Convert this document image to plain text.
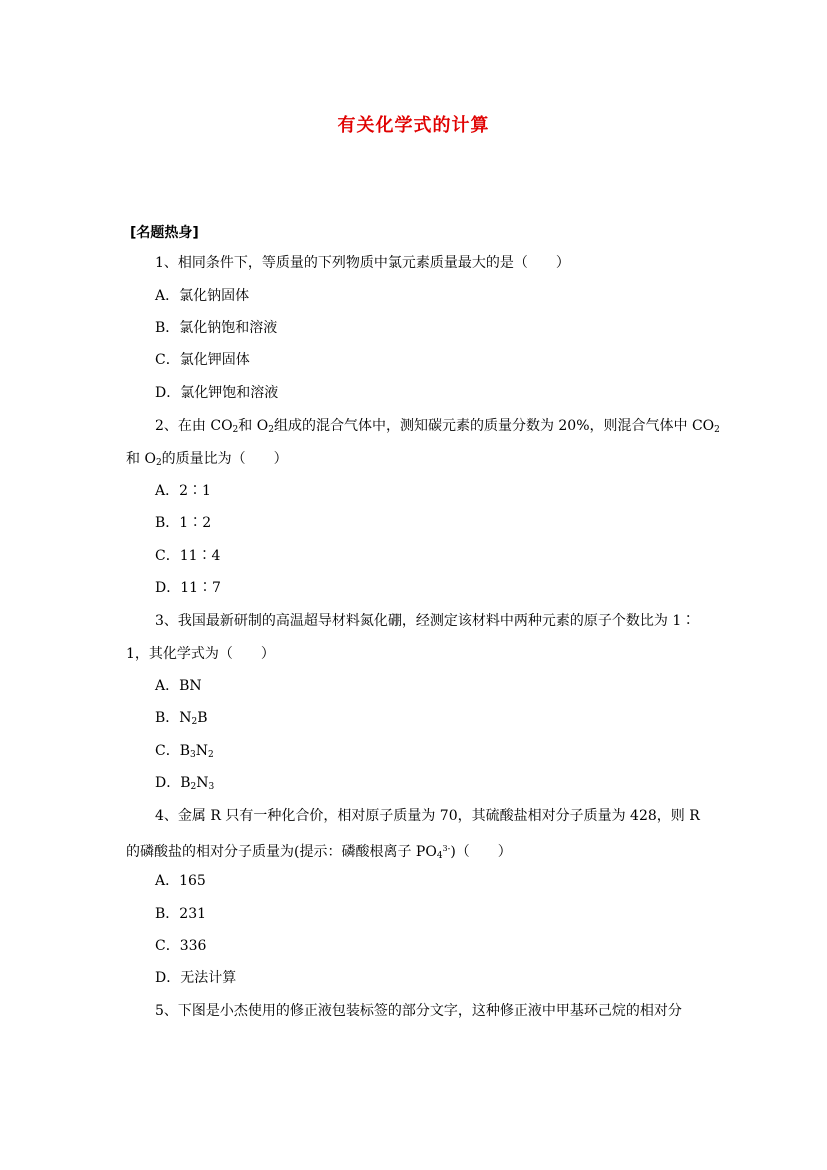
有关化学式的计算
[名题热身]
1、相同条件下，等质量的下列物质中氯元素质量最大的是（　　）
A．氯化钠固体
B．氯化钠饱和溶液
C．氯化钾固体
D．氯化钾饱和溶液
2、在由 $CO_2$和 $O_2$组成的混合气体中，测知碳元素的质量分数为 20%，则混合气体中 $CO_2$
和 $O_2$的质量比为（　　）
A．2∶1
B．1∶2
C．11∶4
D．11∶7
3、我国最新研制的高温超导材料氮化硼，经测定该材料中两种元素的原子个数比为 1∶
1，其化学式为（　　）
A．BN
B．$N_2B$
C．$B_3N_2$
D．$B_2N_3$
4、金属 R 只有一种化合价，相对原子质量为 70，其硫酸盐相对分子质量为 428，则 R
的磷酸盐的相对分子质量为(提示：磷酸根离子 $PO_4^{3-}$)（　　）
A．165
B．231
C．336
D．无法计算
5、下图是小杰使用的修正液包装标签的部分文字，这种修正液中甲基环己烷的相对分
